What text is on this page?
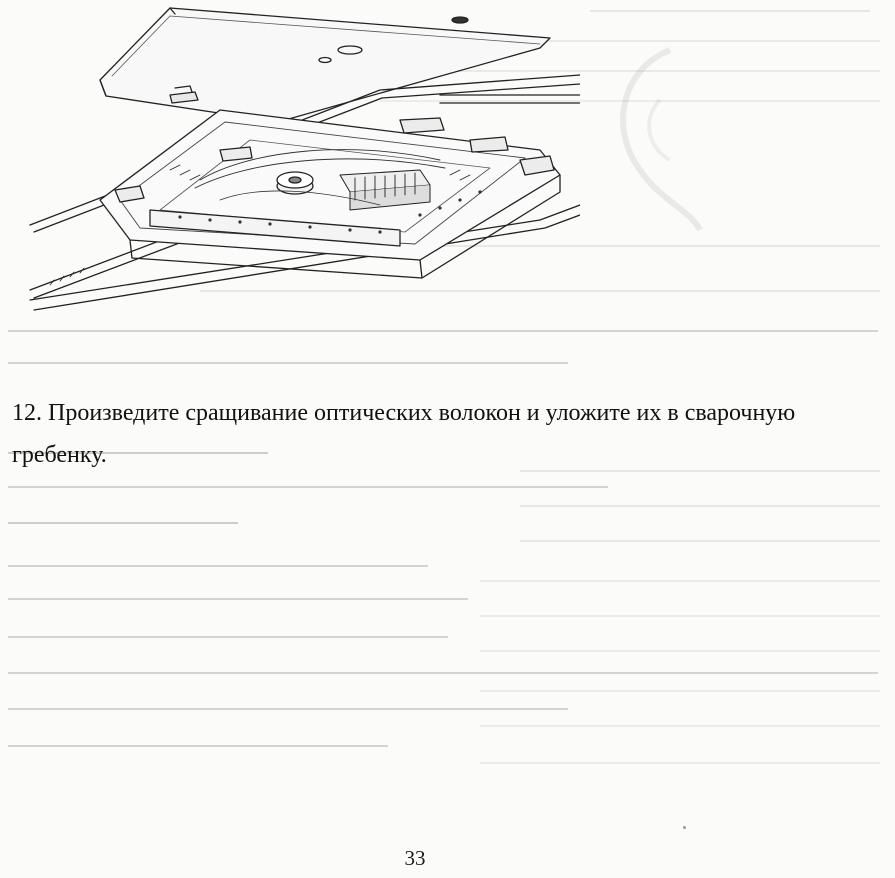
12. Произведите сращивание оптических волокон и уложите их в сварочную гребенку.
33
